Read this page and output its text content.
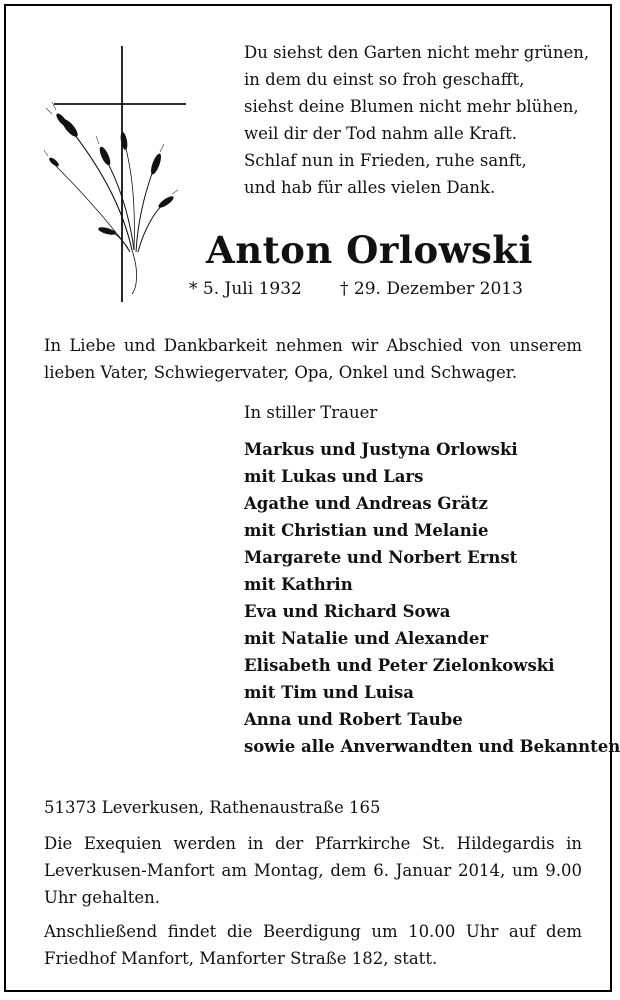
Du siehst den Garten nicht mehr grünen,
in dem du einst so froh geschafft,
siehst deine Blumen nicht mehr blühen,
weil dir der Tod nahm alle Kraft.
Schlaf nun in Frieden, ruhe sanft,
und hab für alles vielen Dank.
Anton Orlowski
* 5. Juli 1932 † 29. Dezember 2013
In Liebe und Dankbarkeit nehmen wir Abschied von unserem lieben Vater, Schwiegervater, Opa, Onkel und Schwager.
In stiller Trauer
Markus und Justyna Orlowski
mit Lukas und Lars
Agathe und Andreas Grätz
mit Christian und Melanie
Margarete und Norbert Ernst
mit Kathrin
Eva und Richard Sowa
mit Natalie und Alexander
Elisabeth und Peter Zielonkowski
mit Tim und Luisa
Anna und Robert Taube
sowie alle Anverwandten und Bekannten
51373 Leverkusen, Rathenaustraße 165
Die Exequien werden in der Pfarrkirche St. Hildegardis in Leverkusen-Manfort am Montag, dem 6. Januar 2014, um 9.00 Uhr gehalten.
Anschließend findet die Beerdigung um 10.00 Uhr auf dem Friedhof Manfort, Manforter Straße 182, statt.
